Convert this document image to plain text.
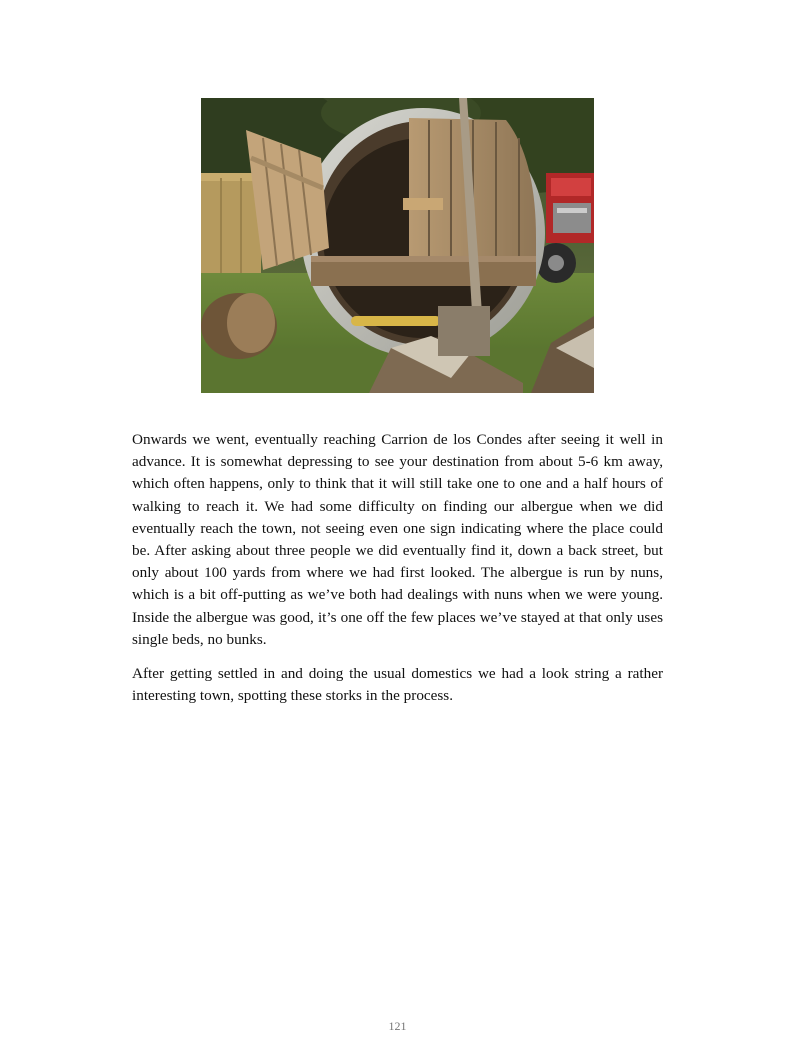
Onwards we went, eventually reaching Carrion de los Condes after seeing it well in advance. It is somewhat depressing to see your destination from about 5-6 km away, which often happens, only to think that it will still take one to one and a half hours of walking to reach it. We had some difficulty on finding our albergue when we did eventually reach the town, not seeing even one sign indicating where the place could be. After asking about three people we did eventually find it, down a back street, but only about 100 yards from where we had first looked. The albergue is run by nuns, which is a bit off-putting as we’ve both had dealings with nuns when we were young. Inside the albergue was good, it’s one off the few places we’ve stayed at that only uses single beds, no bunks.

After getting settled in and doing the usual domestics we had a look string a rather interesting town, spotting these storks in the process.

121
